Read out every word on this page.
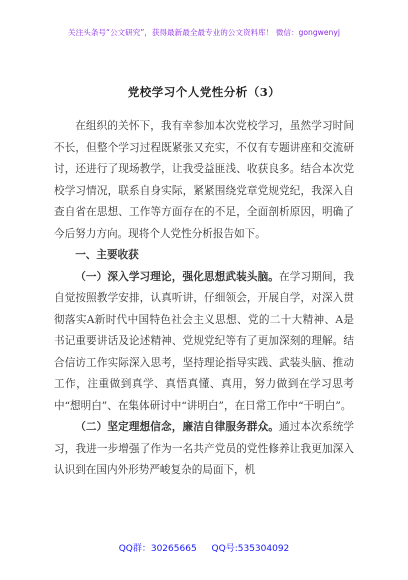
关注头条号“公文研究”，获得最新最全最专业的公文资料库！ 微信：gongwenyj
党校学习个人党性分析（3）

在组织的关怀下，我有幸参加本次党校学习，虽然学习时间不长，但整个学习过程既紧张又充实，不仅有专题讲座和交流研讨，还进行了现场教学，让我受益匪浅、收获良多。结合本次党校学习情况，联系自身实际，紧紧围绕党章党规党纪，我深入自查自省在思想、工作等方面存在的不足，全面剖析原因，明确了今后努力方向。现将个人党性分析报告如下。

一、主要收获

（一）深入学习理论，强化思想武装头脑。在学习期间，我自觉按照教学安排，认真听讲，仔细领会，开展自学，对深入贯彻落实A新时代中国特色社会主义思想、党的二十大精神、A是书记重要讲话及论述精神、党规党纪等有了更加深刻的理解。结合信访工作实际深入思考，坚持理论指导实践、武装头脑、推动工作，注重做到真学、真悟真懂、真用，努力做到在学习思考中“想明白”、在集体研讨中“讲明白”，在日常工作中“干明白”。

（二）坚定理想信念，廉洁自律服务群众。通过本次系统学习，我进一步增强了作为一名共产党员的党性修养让我更加深入认识到在国内外形势严峻复杂的局面下，机

QQ群：30265665 QQ号:535304092
